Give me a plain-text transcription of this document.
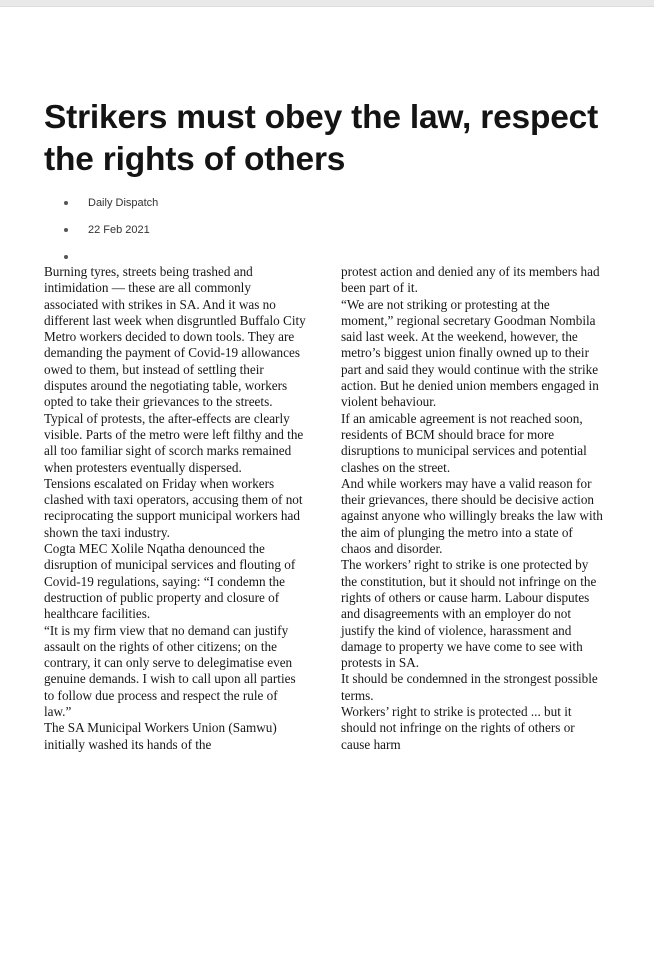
Strikers must obey the law, respect the rights of others
Daily Dispatch
22 Feb 2021

Burning tyres, streets being trashed and intimidation — these are all commonly associated with strikes in SA. And it was no different last week when disgruntled Buffalo City Metro workers decided to down tools. They are demanding the payment of Covid-19 allowances owed to them, but instead of settling their disputes around the negotiating table, workers opted to take their grievances to the streets.

Typical of protests, the after-effects are clearly visible. Parts of the metro were left filthy and the all too familiar sight of scorch marks remained when protesters eventually dispersed.

Tensions escalated on Friday when workers clashed with taxi operators, accusing them of not reciprocating the support municipal workers had shown the taxi industry.

Cogta MEC Xolile Nqatha denounced the disruption of municipal services and flouting of Covid-19 regulations, saying: “I condemn the destruction of public property and closure of healthcare facilities.

“It is my firm view that no demand can justify assault on the rights of other citizens; on the contrary, it can only serve to delegimatise even genuine demands. I wish to call upon all parties to follow due process and respect the rule of law.”

The SA Municipal Workers Union (Samwu) initially washed its hands of the

protest action and denied any of its members had been part of it.

“We are not striking or protesting at the moment,” regional secretary Goodman Nombila said last week. At the weekend, however, the metro’s biggest union finally owned up to their part and said they would continue with the strike action. But he denied union members engaged in violent behaviour.

If an amicable agreement is not reached soon, residents of BCM should brace for more disruptions to municipal services and potential clashes on the street.

And while workers may have a valid reason for their grievances, there should be decisive action against anyone who willingly breaks the law with the aim of plunging the metro into a state of chaos and disorder.

The workers’ right to strike is one protected by the constitution, but it should not infringe on the rights of others or cause harm. Labour disputes and disagreements with an employer do not justify the kind of violence, harassment and damage to property we have come to see with protests in SA.

It should be condemned in the strongest possible terms.

Workers’ right to strike is protected ... but it should not infringe on the rights of others or cause harm
